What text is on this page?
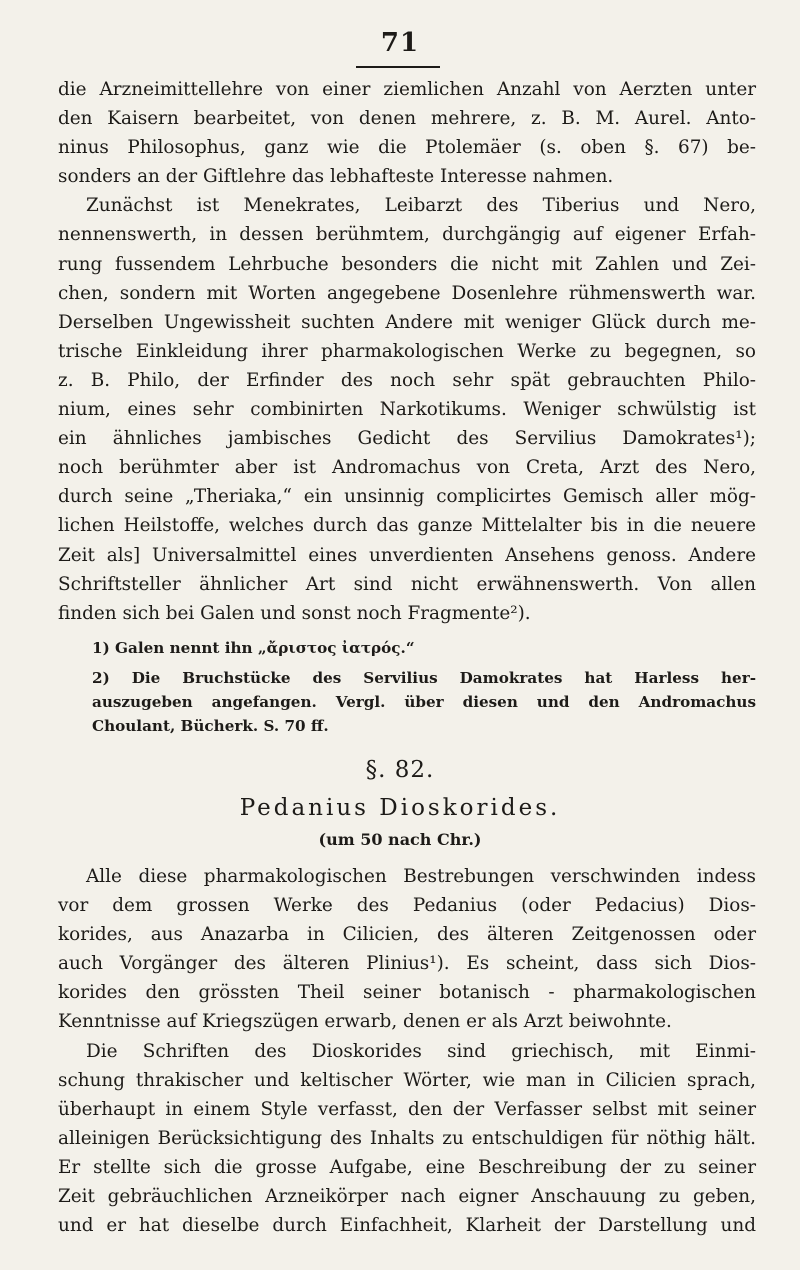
71
die Arzneimittellehre von einer ziemlichen Anzahl von Aerzten unter
den Kaisern bearbeitet, von denen mehrere, z. B. M. Aurel. Anto-
ninus Philosophus, ganz wie die Ptolemäer (s. oben §. 67) be-
sonders an der Giftlehre das lebhafteste Interesse nahmen.
Zunächst ist Menekrates, Leibarzt des Tiberius und Nero,
nennenswerth, in dessen berühmtem, durchgängig auf eigener Erfah-
rung fussendem Lehrbuche besonders die nicht mit Zahlen und Zei-
chen, sondern mit Worten angegebene Dosenlehre rühmenswerth war.
Derselben Ungewissheit suchten Andere mit weniger Glück durch me-
trische Einkleidung ihrer pharmakologischen Werke zu begegnen, so
z. B. Philo, der Erfinder des noch sehr spät gebrauchten Philo-
nium, eines sehr combinirten Narkotikums. Weniger schwülstig ist
ein ähnliches jambisches Gedicht des Servilius Damokrates¹);
noch berühmter aber ist Andromachus von Creta, Arzt des Nero,
durch seine „Theriaka,“ ein unsinnig complicirtes Gemisch aller mög-
lichen Heilstoffe, welches durch das ganze Mittelalter bis in die neuere
Zeit als] Universalmittel eines unverdienten Ansehens genoss. Andere
Schriftsteller ähnlicher Art sind nicht erwähnenswerth. Von allen
finden sich bei Galen und sonst noch Fragmente²).
1) Galen nennt ihn „ἄριστος ἰατρός.“
2) Die Bruchstücke des Servilius Damokrates hat Harless her-
auszugeben angefangen. Vergl. über diesen und den Andromachus
Choulant, Bücherk. S. 70 ff.
§. 82.
Pedanius Dioskorides.
(um 50 nach Chr.)
Alle diese pharmakologischen Bestrebungen verschwinden indess
vor dem grossen Werke des Pedanius (oder Pedacius) Dios-
korides, aus Anazarba in Cilicien, des älteren Zeitgenossen oder
auch Vorgänger des älteren Plinius¹). Es scheint, dass sich Dios-
korides den grössten Theil seiner botanisch - pharmakologischen
Kenntnisse auf Kriegszügen erwarb, denen er als Arzt beiwohnte.
Die Schriften des Dioskorides sind griechisch, mit Einmi-
schung thrakischer und keltischer Wörter, wie man in Cilicien sprach,
überhaupt in einem Style verfasst, den der Verfasser selbst mit seiner
alleinigen Berücksichtigung des Inhalts zu entschuldigen für nöthig hält.
Er stellte sich die grosse Aufgabe, eine Beschreibung der zu seiner
Zeit gebräuchlichen Arzneikörper nach eigner Anschauung zu geben,
und er hat dieselbe durch Einfachheit, Klarheit der Darstellung und
